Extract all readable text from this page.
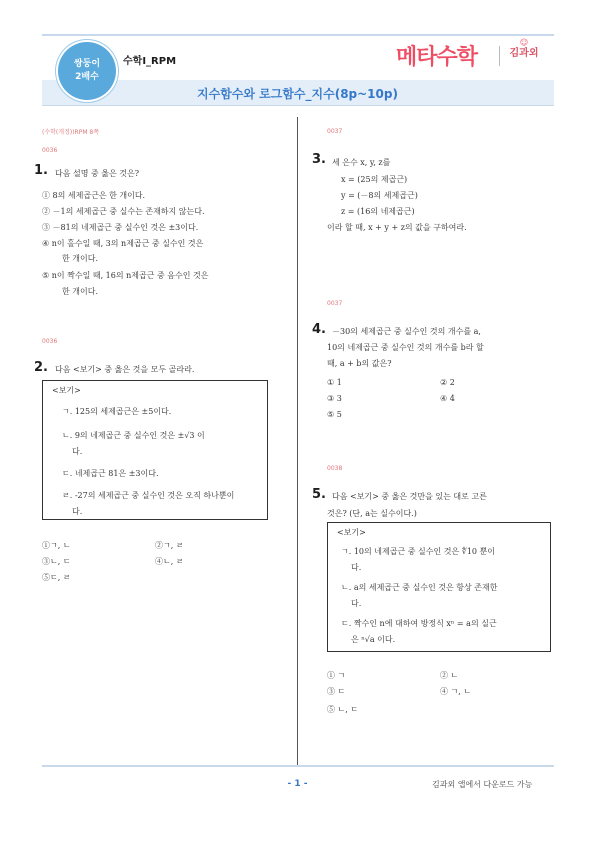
쌍둥이
2배수
수학Ⅰ_RPM
지수함수와 로그함수_지수(8p~10p)
메타수학
☺
김과외
(수학(개정))RPM 8쪽
0036
1. 다음 설명 중 옳은 것은?
① 8의 세제곱근은 한 개이다.
② －1의 세제곱근 중 실수는 존재하지 않는다.
③ －81의 네제곱근 중 실수인 것은 ±3이다.
④ n이 홀수일 때, 3의 n제곱근 중 실수인 것은
한 개이다.
⑤ n이 짝수일 때, 16의 n제곱근 중 음수인 것은
한 개이다.
0036
2. 다음 <보기> 중 옳은 것을 모두 골라라.
<보기>
ㄱ. 125의 세제곱근은 ±5이다.
ㄴ. 9의 네제곱근 중 실수인 것은 ±√3 이
다.
ㄷ. 네제곱근 81은 ±3이다.
ㄹ. -27의 세제곱근 중 실수인 것은 오직 하나뿐이
다.
①ㄱ, ㄴ	②ㄱ, ㄹ
③ㄴ, ㄷ	④ㄴ, ㄹ
⑤ㄷ, ㄹ
0037
3. 세 은수 x, y, z를
x = (25의 제곱근)
y = (－8의 세제곱근)
z = (16의 네제곱근)
이라 할 때, x + y + z의 값을 구하여라.
0037
4. －30의 세제곱근 중 실수인 것의 개수를 a,
10의 네제곱근 중 실수인 것의 개수를 b라 할
때, a + b의 값은?
① 1	② 2
③ 3	④ 4
⑤ 5
0038
5. 다음 <보기> 중 옳은 것만을 있는 대로 고른
것은? (단, a는 실수이다.)
<보기>
ㄱ. 10의 네제곱근 중 실수인 것은 ∜10 뿐이
다.
ㄴ. a의 세제곱근 중 실수인 것은 항상 존재한
다.
ㄷ. 짝수인 n에 대하여 방정식 xⁿ = a의 실근
은 ⁿ√a 이다.
① ㄱ	② ㄴ
③ ㄷ	④ ㄱ, ㄴ
⑤ ㄴ, ㄷ
- 1 -	김과외 앱에서 다운로드 가능
